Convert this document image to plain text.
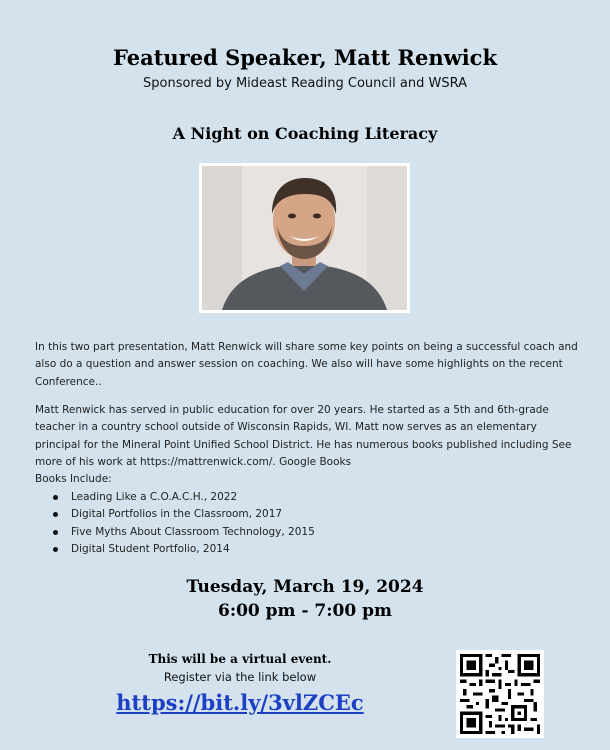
Featured Speaker, Matt Renwick
Sponsored by Mideast Reading Council and WSRA
A Night on Coaching Literacy
In this two part presentation, Matt Renwick will share some key points on being a successful coach and also do a question and answer session on coaching. We also will have some highlights on the recent Conference..
Matt Renwick has served in public education for over 20 years. He started as a 5th and 6th-grade teacher in a country school outside of Wisconsin Rapids, WI. Matt now serves as an elementary principal for the Mineral Point Unified School District. He has numerous books published including See more of his work at https://mattrenwick.com/. Google Books
Books Include:
Leading Like a C.O.A.C.H., 2022
Digital Portfolios in the Classroom, 2017
Five Myths About Classroom Technology, 2015
Digital Student Portfolio, 2014
Tuesday, March 19, 2024
6:00 pm - 7:00 pm
This will be a virtual event.
Register via the link below
https://bit.ly/3vlZCEc
